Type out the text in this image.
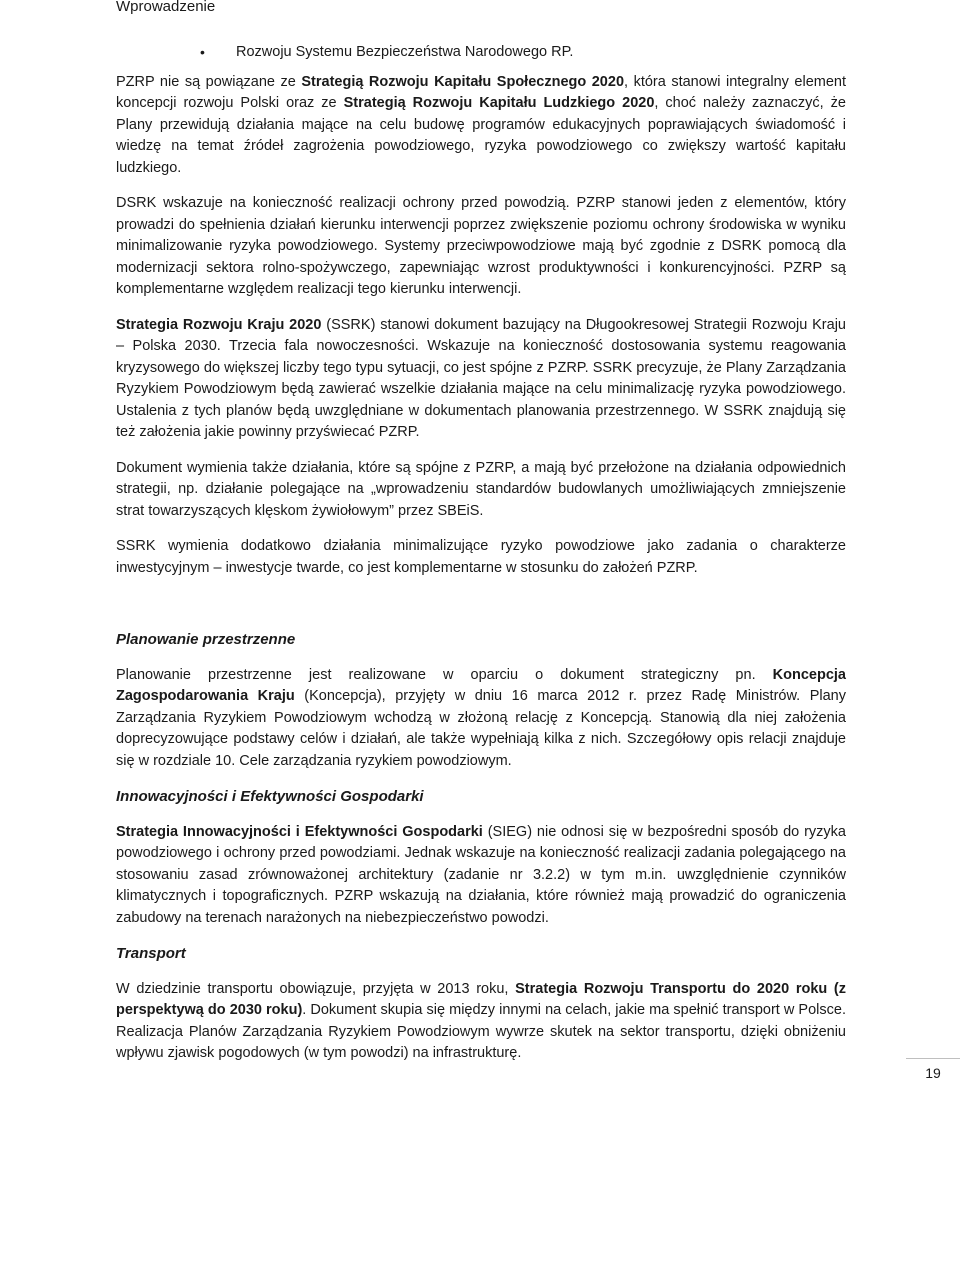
Wprowadzenie
• Rozwoju Systemu Bezpieczeństwa Narodowego RP.

PZRP nie są powiązane ze Strategią Rozwoju Kapitału Społecznego 2020, która stanowi integralny element koncepcji rozwoju Polski oraz ze Strategią Rozwoju Kapitału Ludzkiego 2020, choć należy zaznaczyć, że Plany przewidują działania mające na celu budowę programów edukacyjnych poprawiających świadomość i wiedzę na temat źródeł zagrożenia powodziowego, ryzyka powodziowego co zwiększy wartość kapitału ludzkiego.

DSRK wskazuje na konieczność realizacji ochrony przed powodzią. PZRP stanowi jeden z elementów, który prowadzi do spełnienia działań kierunku interwencji poprzez zwiększenie poziomu ochrony środowiska w wyniku minimalizowanie ryzyka powodziowego. Systemy przeciwpowodziowe mają być zgodnie z DSRK pomocą dla modernizacji sektora rolno-spożywczego, zapewniając wzrost produktywności i konkurencyjności. PZRP są komplementarne względem realizacji tego kierunku interwencji.

Strategia Rozwoju Kraju 2020 (SSRK) stanowi dokument bazujący na Długookresowej Strategii Rozwoju Kraju – Polska 2030. Trzecia fala nowoczesności. Wskazuje na konieczność dostosowania systemu reagowania kryzysowego do większej liczby tego typu sytuacji, co jest spójne z PZRP. SSRK precyzuje, że Plany Zarządzania Ryzykiem Powodziowym będą zawierać wszelkie działania mające na celu minimalizację ryzyka powodziowego. Ustalenia z tych planów będą uwzględniane w dokumentach planowania przestrzennego. W SSRK znajdują się też założenia jakie powinny przyświecać PZRP.

Dokument wymienia także działania, które są spójne z PZRP, a mają być przełożone na działania odpowiednich strategii, np. działanie polegające na „wprowadzeniu standardów budowlanych umożliwiających zmniejszenie strat towarzyszących klęskom żywiołowym” przez SBEiS.

SSRK wymienia dodatkowo działania minimalizujące ryzyko powodziowe jako zadania o charakterze inwestycyjnym – inwestycje twarde, co jest komplementarne w stosunku do założeń PZRP.

Planowanie przestrzenne

Planowanie przestrzenne jest realizowane w oparciu o dokument strategiczny pn. Koncepcja Zagospodarowania Kraju (Koncepcja), przyjęty w dniu 16 marca 2012 r. przez Radę Ministrów. Plany Zarządzania Ryzykiem Powodziowym wchodzą w złożoną relację z Koncepcją. Stanowią dla niej założenia doprecyzowujące podstawy celów i działań, ale także wypełniają kilka z nich. Szczegółowy opis relacji znajduje się w rozdziale 10. Cele zarządzania ryzykiem powodziowym.

Innowacyjności i Efektywności Gospodarki

Strategia Innowacyjności i Efektywności Gospodarki (SIEG) nie odnosi się w bezpośredni sposób do ryzyka powodziowego i ochrony przed powodziami. Jednak wskazuje na konieczność realizacji zadania polegającego na stosowaniu zasad zrównoważonej architektury (zadanie nr 3.2.2) w tym m.in. uwzględnienie czynników klimatycznych i topograficznych. PZRP wskazują na działania, które również mają prowadzić do ograniczenia zabudowy na terenach narażonych na niebezpieczeństwo powodzi.

Transport

W dziedzinie transportu obowiązuje, przyjęta w 2013 roku, Strategia Rozwoju Transportu do 2020 roku (z perspektywą do 2030 roku). Dokument skupia się między innymi na celach, jakie ma spełnić transport w Polsce. Realizacja Planów Zarządzania Ryzykiem Powodziowym wywrze skutek na sektor transportu, dzięki obniżeniu wpływu zjawisk pogodowych (w tym powodzi) na infrastrukturę.

19
